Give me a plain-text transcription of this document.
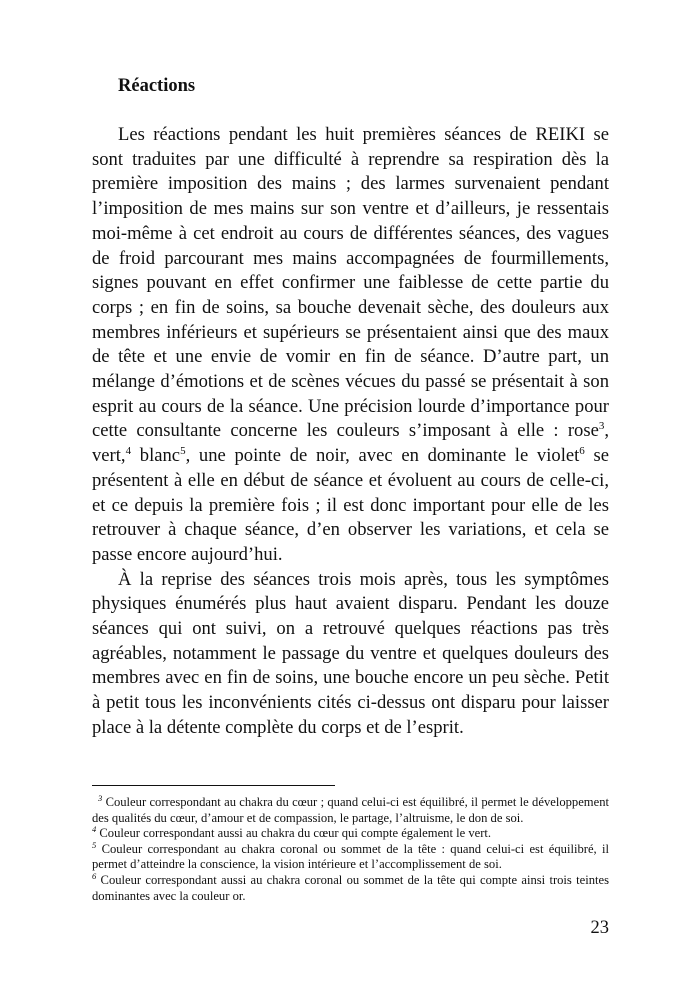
Réactions

Les réactions pendant les huit premières séances de REIKI se sont traduites par une difficulté à reprendre sa respiration dès la première imposition des mains ; des larmes survenaient pendant l’imposition de mes mains sur son ventre et d’ailleurs, je ressentais moi-même à cet endroit au cours de différentes séances, des vagues de froid parcourant mes mains accompagnées de fourmillements, signes pouvant en effet confirmer une faiblesse de cette partie du corps ; en fin de soins, sa bouche devenait sèche, des douleurs aux membres inférieurs et supérieurs se présentaient ainsi que des maux de tête et une envie de vomir en fin de séance. D’autre part, un mélange d’émotions et de scènes vécues du passé se présentait à son esprit au cours de la séance. Une précision lourde d’importance pour cette consultante concerne les couleurs s’imposant à elle : rose$^3$, vert,$^4$ blanc$^5$, une pointe de noir, avec en dominante le violet$^6$ se présentent à elle en début de séance et évoluent au cours de celle-ci, et ce depuis la première fois ; il est donc important pour elle de les retrouver à chaque séance, d’en observer les variations, et cela se passe encore aujourd’hui.

À la reprise des séances trois mois après, tous les symptômes physiques énumérés plus haut avaient disparu. Pendant les douze séances qui ont suivi, on a retrouvé quelques réactions pas très agréables, notamment le passage du ventre et quelques douleurs des membres avec en fin de soins, une bouche encore un peu sèche. Petit à petit tous les inconvénients cités ci-dessus ont disparu pour laisser place à la détente complète du corps et de l’esprit.

$^3$ Couleur correspondant au chakra du cœur ; quand celui-ci est équilibré, il permet le développement des qualités du cœur, d’amour et de compassion, le partage, l’altruisme, le don de soi.

$^4$ Couleur correspondant aussi au chakra du cœur qui compte également le vert.

$^5$ Couleur correspondant au chakra coronal ou sommet de la tête : quand celui-ci est équilibré, il permet d’atteindre la conscience, la vision intérieure et l’accomplissement de soi.

$^6$ Couleur correspondant aussi au chakra coronal ou sommet de la tête qui compte ainsi trois teintes dominantes avec la couleur or.

23
